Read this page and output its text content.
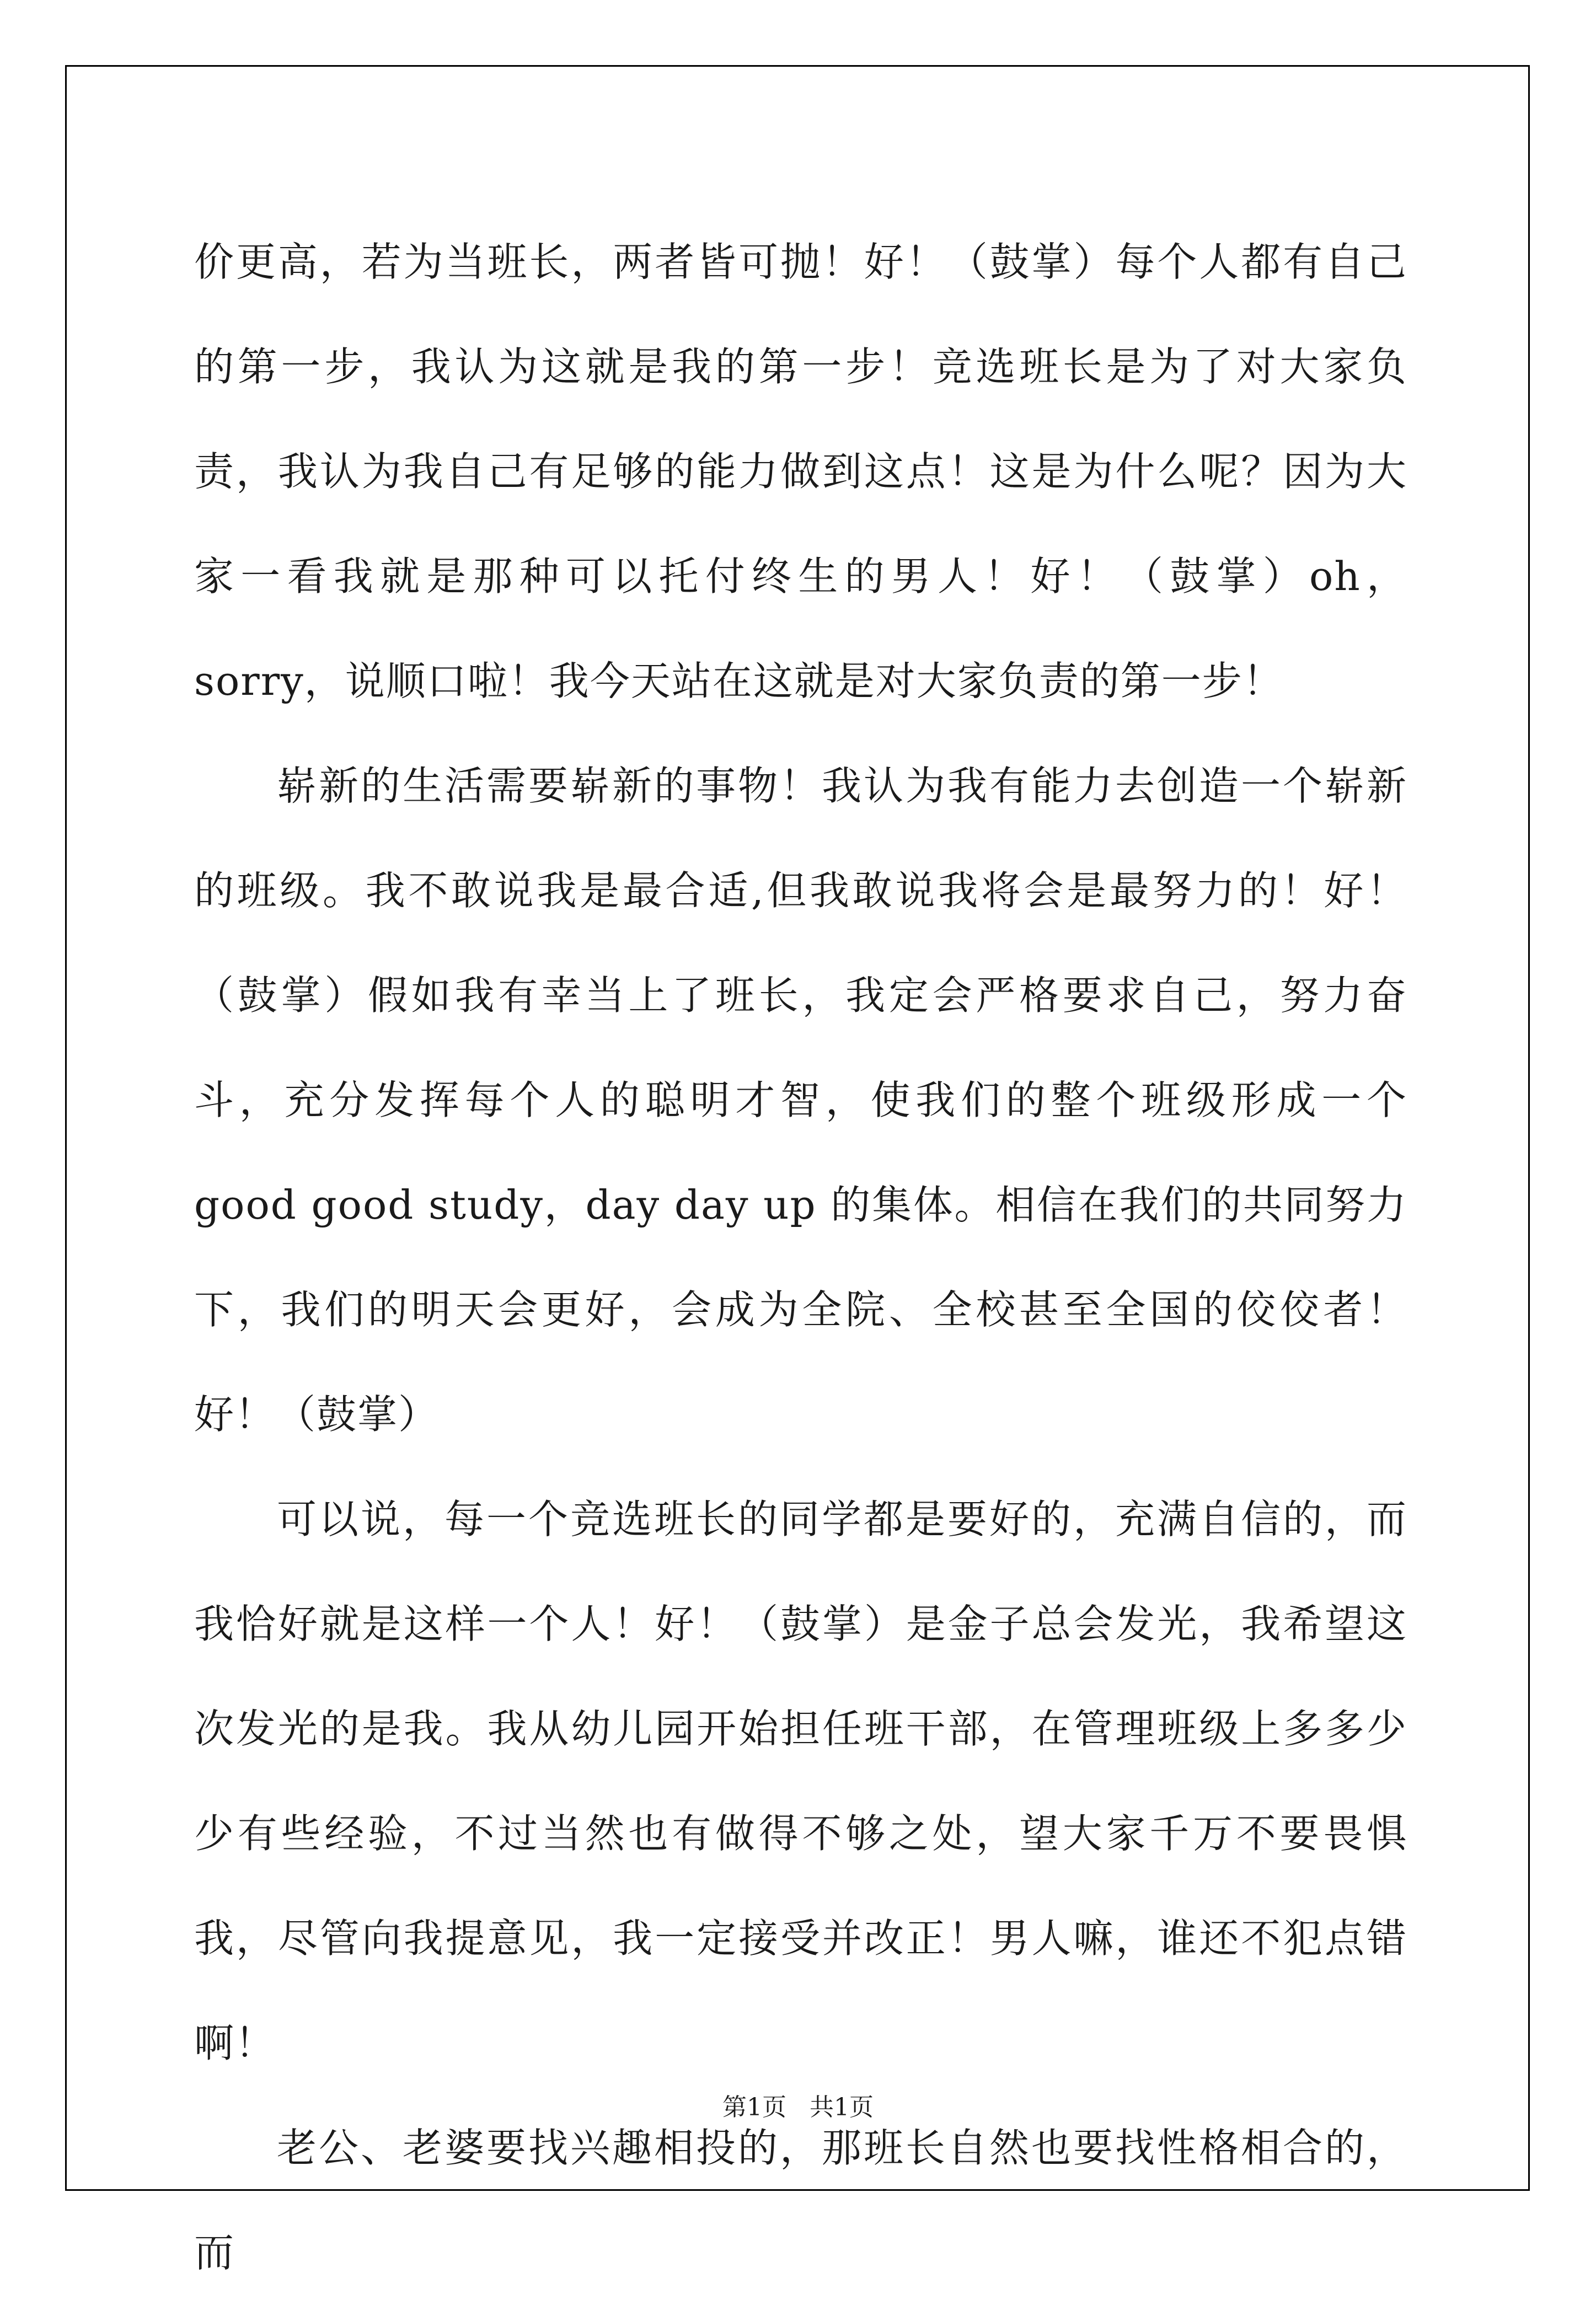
价更高，若为当班长，两者皆可抛！好！（鼓掌）每个人都有自己的第一步，我认为这就是我的第一步！竞选班长是为了对大家负责，我认为我自己有足够的能力做到这点！这是为什么呢？因为大家一看我就是那种可以托付终生的男人！好！（鼓掌）oh，sorry，说顺口啦！我今天站在这就是对大家负责的第一步！

崭新的生活需要崭新的事物！我认为我有能力去创造一个崭新的班级。我不敢说我是最合适,但我敢说我将会是最努力的！好！（鼓掌）假如我有幸当上了班长，我定会严格要求自己，努力奋斗，充分发挥每个人的聪明才智，使我们的整个班级形成一个 good good study，day day up 的集体。相信在我们的共同努力下，我们的明天会更好，会成为全院、全校甚至全国的佼佼者！好！（鼓掌）

可以说，每一个竞选班长的同学都是要好的，充满自信的，而我恰好就是这样一个人！好！（鼓掌）是金子总会发光，我希望这次发光的是我。我从幼儿园开始担任班干部，在管理班级上多多少少有些经验，不过当然也有做得不够之处，望大家千万不要畏惧我，尽管向我提意见，我一定接受并改正！男人嘛，谁还不犯点错啊！

老公、老婆要找兴趣相投的，那班长自然也要找性格相合的，而

第1页   共1页
